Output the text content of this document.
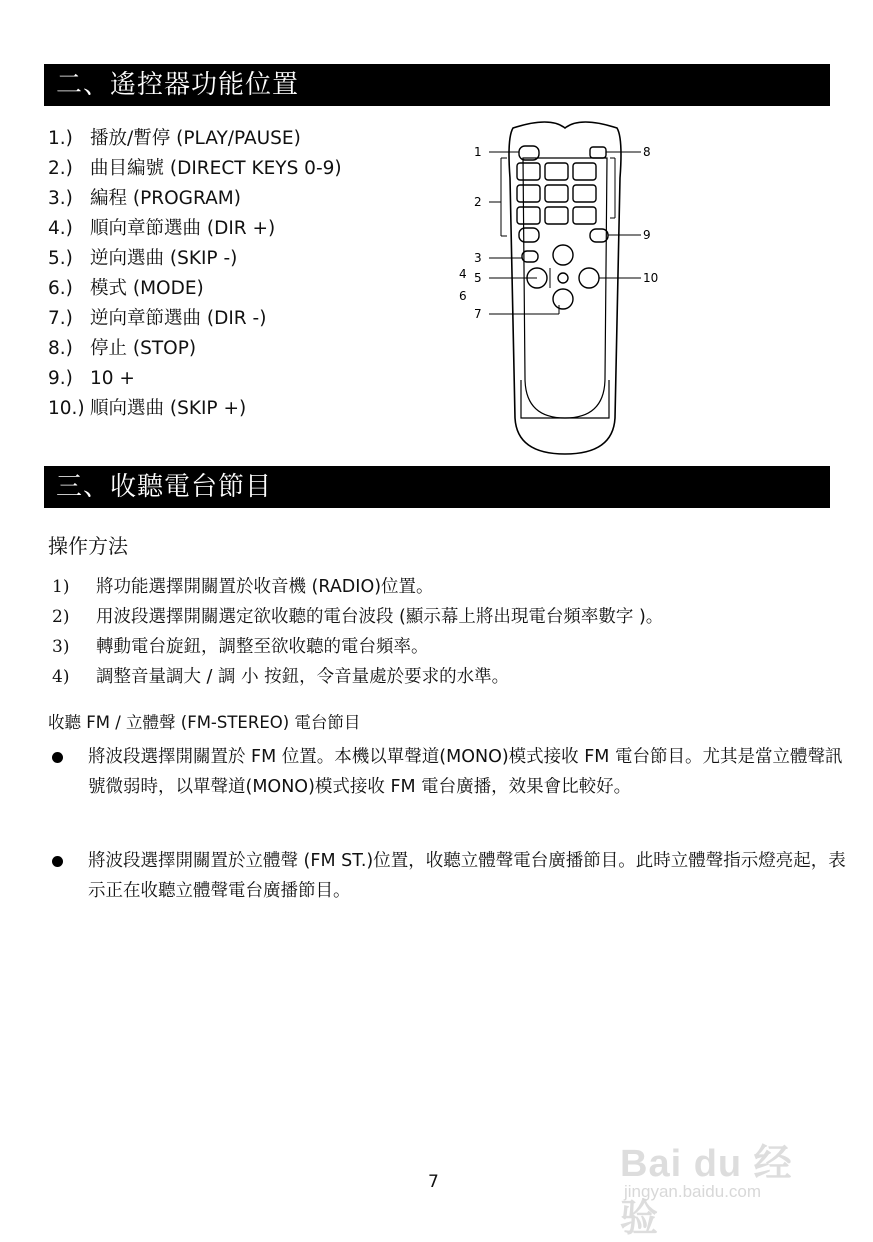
二、遙控器功能位置
1.) 播放/暫停 (PLAY/PAUSE)
2.) 曲目編號 (DIRECT KEYS 0-9)
3.) 編程 (PROGRAM)
4.) 順向章節選曲 (DIR +)
5.) 逆向選曲 (SKIP -)
6.) 模式 (MODE)
7.) 逆向章節選曲 (DIR -)
8.) 停止 (STOP)
9.) 10 +
10.) 順向選曲 (SKIP +)
1
2
3
4 5
6
7
8
9
10
三、收聽電台節目
操作方法
1) 將功能選擇開關置於收音機 (RADIO)位置。
2) 用波段選擇開關選定欲收聽的電台波段 (顯示幕上將出現電台頻率數字 )。
3) 轉動電台旋鈕，調整至欲收聽的電台頻率。
4) 調整音量調大 / 調 小 按鈕，令音量處於要求的水準。
收聽 FM / 立體聲 (FM-STEREO) 電台節目
將波段選擇開關置於 FM 位置。本機以單聲道(MONO)模式接收 FM 電台節目。尤其是當立體聲訊號微弱時，以單聲道(MONO)模式接收 FM 電台廣播，效果會比較好。
將波段選擇開關置於立體聲 (FM ST.)位置，收聽立體聲電台廣播節目。此時立體聲指示燈亮起，表示正在收聽立體聲電台廣播節目。
7	Bai du 经验
jingyan.baidu.com
